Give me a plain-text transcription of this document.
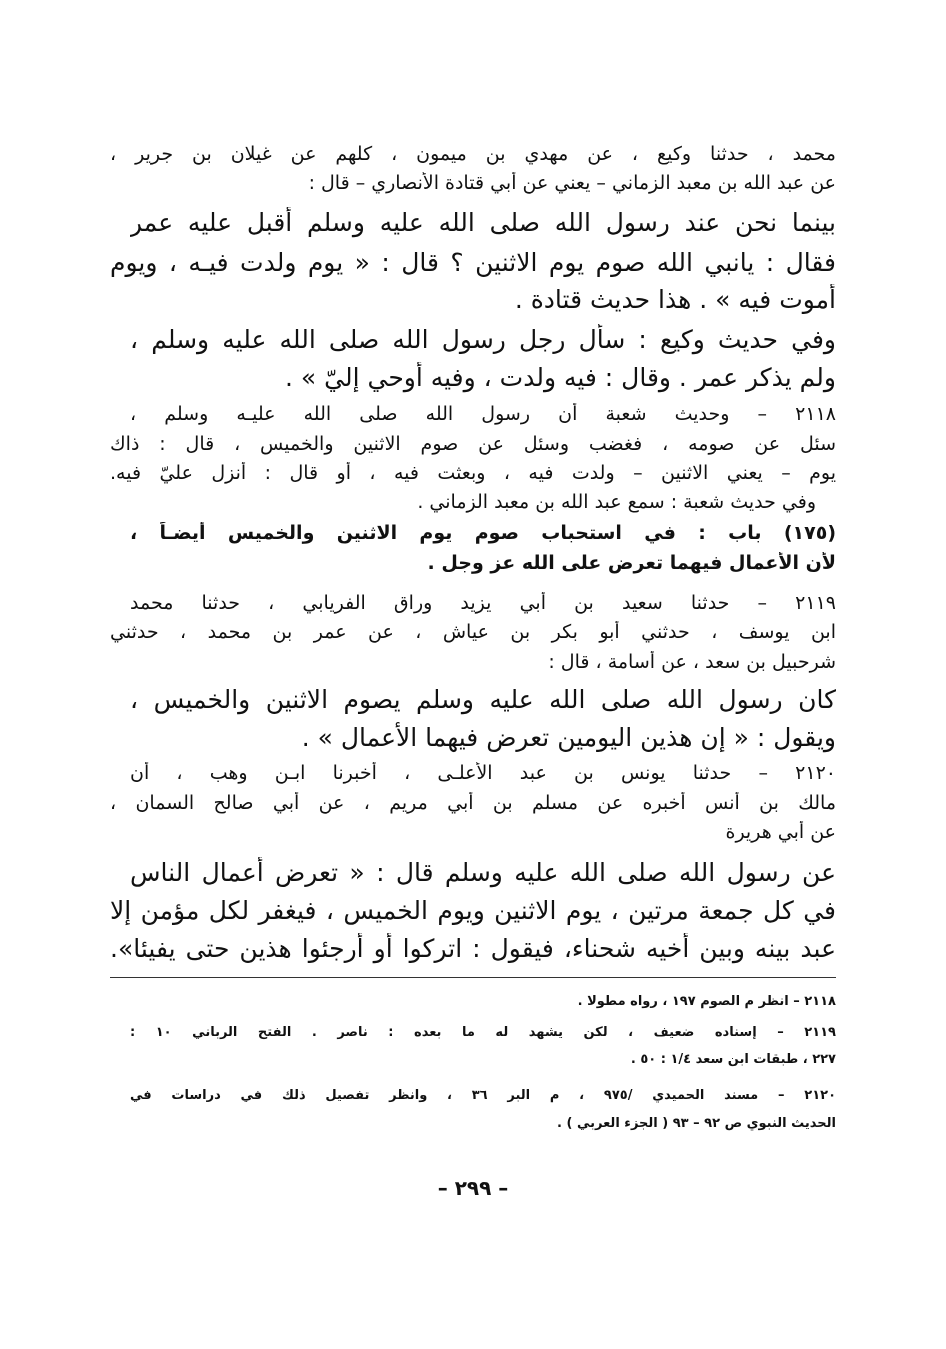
محمد ، حدثنا وكيع ، عن مهدي بن ميمون ، كلهم عن غيلان بن جرير ،
عن عبد الله بن معبد الزماني – يعني عن أبي قتادة الأنصاري – قال :
بينما نحن عند رسول الله صلى الله عليه وسلم أقبل عليه عمر
فقال : يانبي الله صوم يوم الاثنين ؟ قال : « يوم ولدت فيـه ، ويوم
أموت فيه » . هذا حديث قتادة .
وفي حديث وكيع : سأل رجل رسول الله صلى الله عليه وسلم ،
ولم يذكر عمر . وقال : فيه ولدت ، وفيه أوحي إليّ » .
٢١١٨ – وحديث شعبة أن رسول الله صلى الله عليـه وسلم ،
سئل عن صومه ، فغضب وسئل عن صوم الاثنين والخميس ، قال : ذاك
يوم – يعني الاثنين – ولدت فيه ، وبعثت فيه ، أو قال : أنزل عليّ فيه.
وفي حديث شعبة : سمع عبد الله بن معبد الزماني .
(١٧٥) باب : في استحباب صوم يوم الاثنين والخميس أيضـاً ،
لأن الأعمال فيهما تعرض على الله عز وجل .
٢١١٩ – حدثنا سعيد بن أبي يزيد وراق الفريابي ، حدثنا محمد
ابن يوسف ، حدثني أبو بكر بن عياش ، عن عمر بن محمد ، حدثني
شرحبيل بن سعد ، عن أسامة ، قال :
كان رسول الله صلى الله عليه وسلم يصوم الاثنين والخميس ،
ويقول : « إن هذين اليومين تعرض فيهما الأعمال » .
٢١٢٠ – حدثنا يونس بن عبد الأعلـى ، أخبرنا ابـن وهب ، أن
مالك بن أنس أخبره عن مسلم بن أبي مريم ، عن أبي صالح السمان ،
عن أبي هريرة
عن رسول الله صلى الله عليه وسلم قال : « تعرض أعمال الناس
في كل جمعة مرتين ، يوم الاثنين ويوم الخميس ، فيغفر لكل مؤمن إلا
عبد بينه وبين أخيه شحناء، فيقول : اتركوا أو أرجئوا هذين حتى يفيئا».
٢١١٨ – انظر م الصوم ١٩٧ ، رواه مطولا .
٢١١٩ – إسناده ضعيف ، لكن يشهد له ما بعده : ناصر . الفتح الرباني ١٠ :
٢٢٧ ، طبقات ابن سعد ١/٤ : ٥٠ .
٢١٢٠ – مسند الحميدي /٩٧٥ ، م البر ٣٦ ، وانظر تفصيل ذلك في دراسات في
الحديث النبوي ص ٩٢ – ٩٣ ( الجزء العربي ) .
– ٢٩٩ –
